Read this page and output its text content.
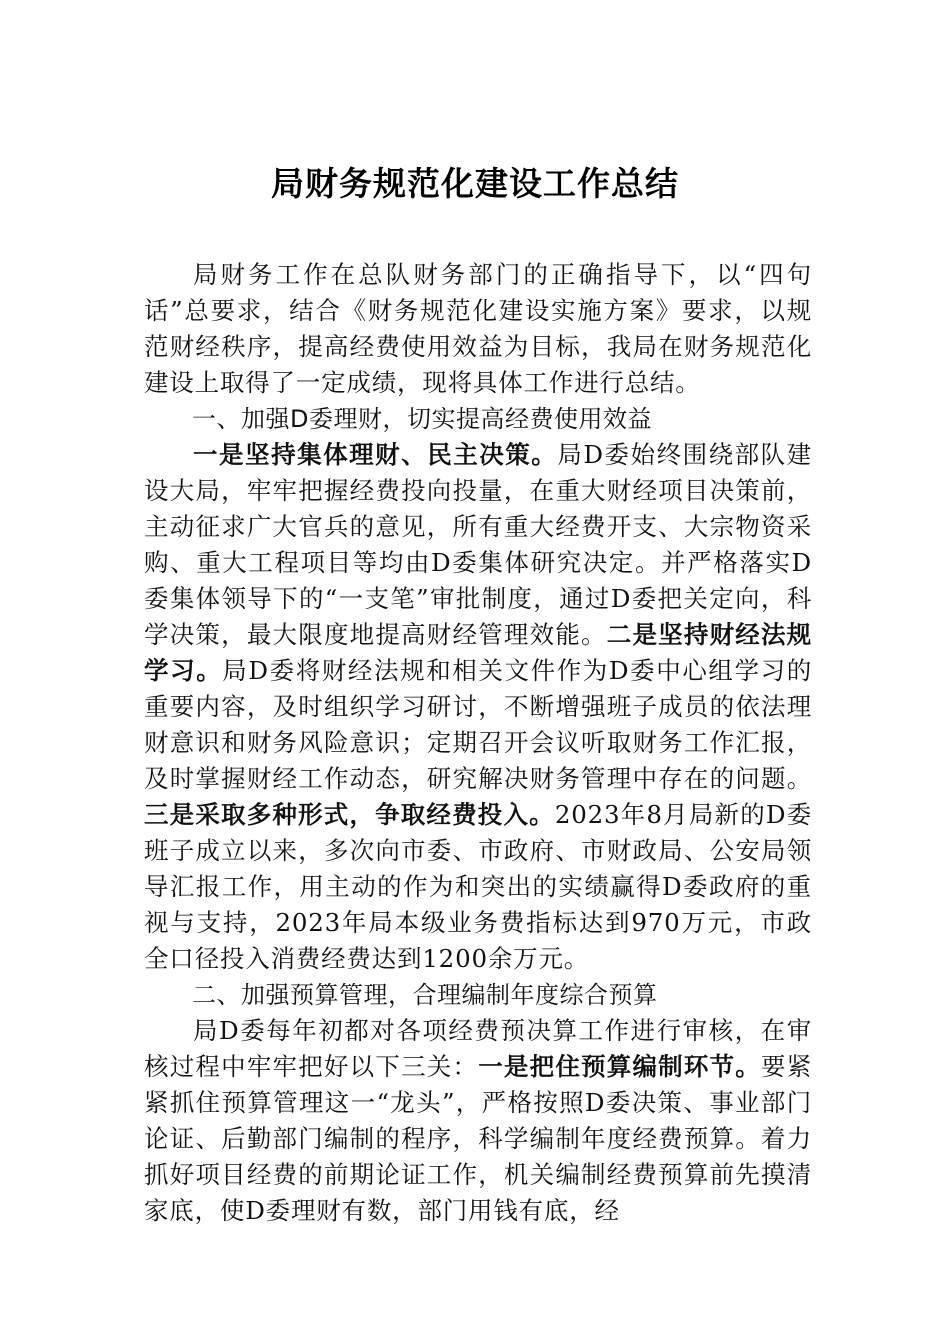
局财务规范化建设工作总结

局财务工作在总队财务部门的正确指导下，以“四句话”总要求，结合《财务规范化建设实施方案》要求，以规范财经秩序，提高经费使用效益为目标，我局在财务规范化建设上取得了一定成绩，现将具体工作进行总结。

一、加强D委理财，切实提高经费使用效益

一是坚持集体理财、民主决策。局D委始终围绕部队建设大局，牢牢把握经费投向投量，在重大财经项目决策前，主动征求广大官兵的意见，所有重大经费开支、大宗物资采购、重大工程项目等均由D委集体研究决定。并严格落实D委集体领导下的“一支笔”审批制度，通过D委把关定向，科学决策，最大限度地提高财经管理效能。二是坚持财经法规学习。局D委将财经法规和相关文件作为D委中心组学习的重要内容，及时组织学习研讨，不断增强班子成员的依法理财意识和财务风险意识；定期召开会议听取财务工作汇报，及时掌握财经工作动态，研究解决财务管理中存在的问题。三是采取多种形式，争取经费投入。2023年8月局新的D委班子成立以来，多次向市委、市政府、市财政局、公安局领导汇报工作，用主动的作为和突出的实绩赢得D委政府的重视与支持，2023年局本级业务费指标达到970万元，市政全口径投入消费经费达到1200余万元。

二、加强预算管理，合理编制年度综合预算

局D委每年初都对各项经费预决算工作进行审核，在审核过程中牢牢把好以下三关：一是把住预算编制环节。要紧紧抓住预算管理这一“龙头”，严格按照D委决策、事业部门论证、后勤部门编制的程序，科学编制年度经费预算。着力抓好项目经费的前期论证工作，机关编制经费预算前先摸清家底，使D委理财有数，部门用钱有底，经
